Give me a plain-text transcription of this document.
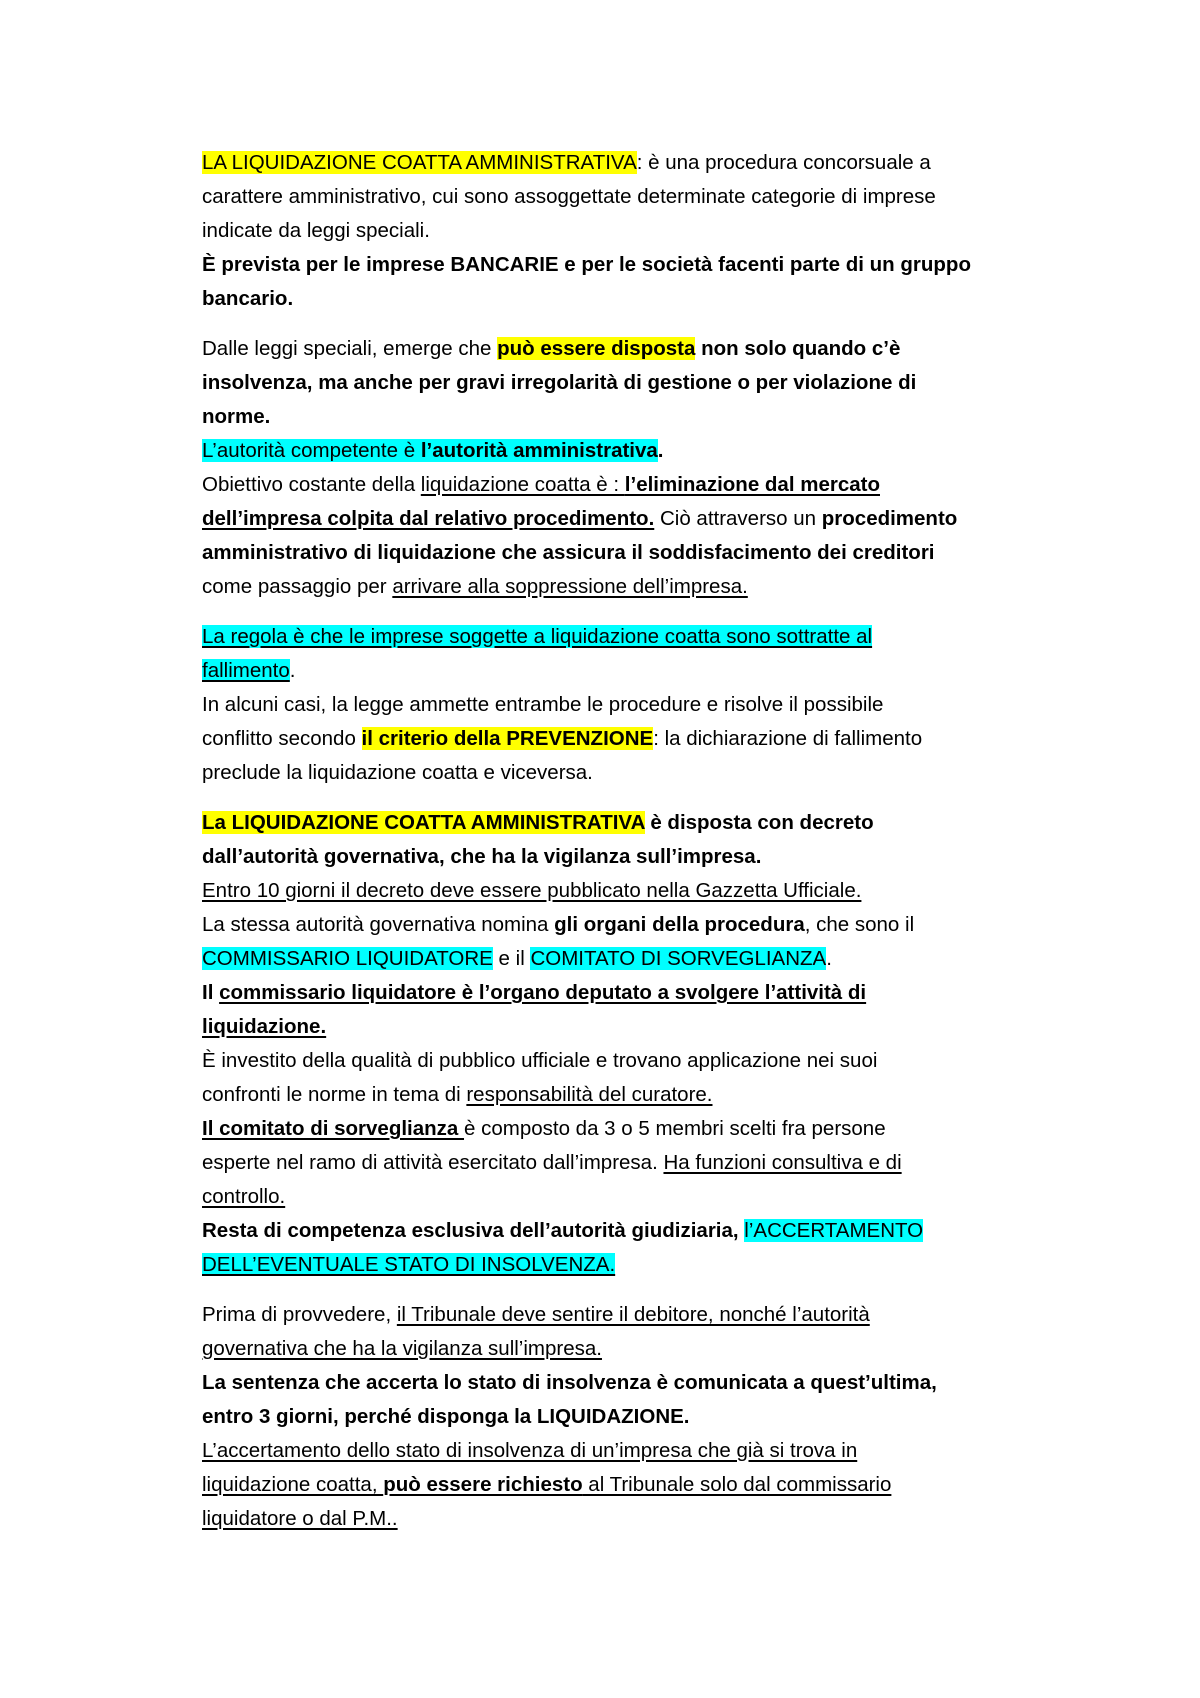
LA LIQUIDAZIONE COATTA AMMINISTRATIVA: è una procedura concorsuale a
carattere amministrativo, cui sono assoggettate determinate categorie di imprese
indicate da leggi speciali.
È prevista per le imprese BANCARIE e per le società facenti parte di un gruppo
bancario.
Dalle leggi speciali, emerge che può essere disposta non solo quando c’è
insolvenza, ma anche per gravi irregolarità di gestione o per violazione di
norme.
L’autorità competente è l’autorità amministrativa.
Obiettivo costante della liquidazione coatta è : l’eliminazione dal mercato
dell’impresa colpita dal relativo procedimento. Ciò attraverso un procedimento
amministrativo di liquidazione che assicura il soddisfacimento dei creditori
come passaggio per arrivare alla soppressione dell’impresa.
La regola è che le imprese soggette a liquidazione coatta sono sottratte al
fallimento.
In alcuni casi, la legge ammette entrambe le procedure e risolve il possibile
conflitto secondo il criterio della PREVENZIONE: la dichiarazione di fallimento
preclude la liquidazione coatta e viceversa.
La LIQUIDAZIONE COATTA AMMINISTRATIVA è disposta con decreto
dall’autorità governativa, che ha la vigilanza sull’impresa.
Entro 10 giorni il decreto deve essere pubblicato nella Gazzetta Ufficiale.
La stessa autorità governativa nomina gli organi della procedura, che sono il
COMMISSARIO LIQUIDATORE e il COMITATO DI SORVEGLIANZA.
Il commissario liquidatore è l’organo deputato a svolgere l’attività di
liquidazione.
È investito della qualità di pubblico ufficiale e trovano applicazione nei suoi
confronti le norme in tema di responsabilità del curatore.
Il comitato di sorveglianza è composto da 3 o 5 membri scelti fra persone
esperte nel ramo di attività esercitato dall’impresa. Ha funzioni consultiva e di
controllo.
Resta di competenza esclusiva dell’autorità giudiziaria, l’ACCERTAMENTO
DELL’EVENTUALE STATO DI INSOLVENZA.
Prima di provvedere, il Tribunale deve sentire il debitore, nonché l’autorità
governativa che ha la vigilanza sull’impresa.
La sentenza che accerta lo stato di insolvenza è comunicata a quest’ultima,
entro 3 giorni, perché disponga la LIQUIDAZIONE.
L’accertamento dello stato di insolvenza di un’impresa che già si trova in
liquidazione coatta, può essere richiesto al Tribunale solo dal commissario
liquidatore o dal P.M..
